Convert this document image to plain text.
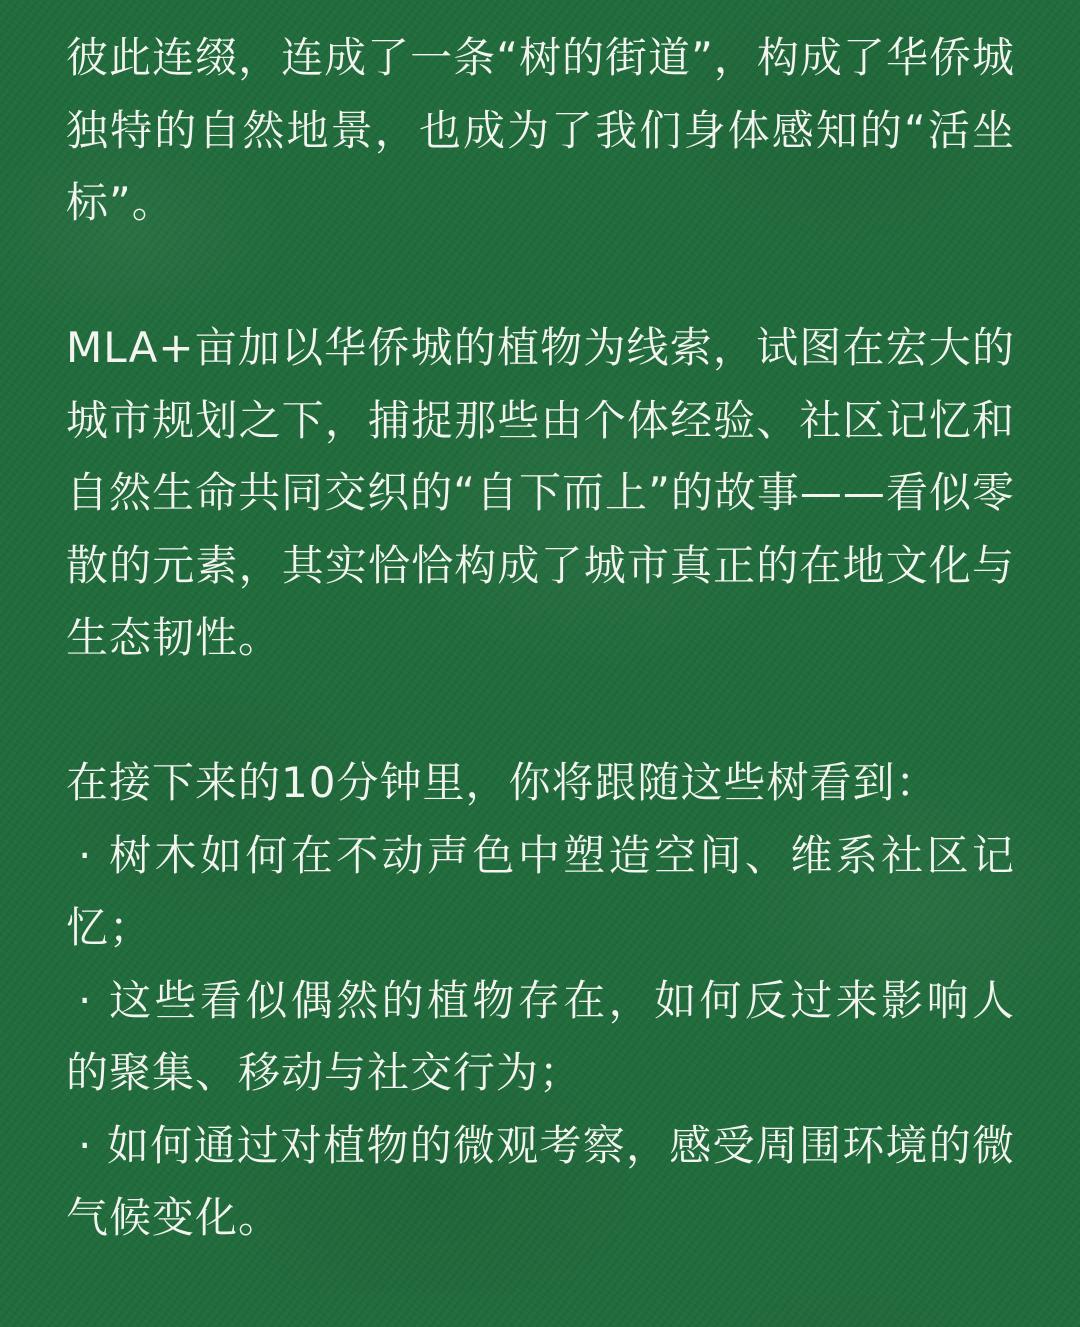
彼此连缀，连成了一条“树的街道”，构成了华侨城
独特的自然地景，也成为了我们身体感知的“活坐
标”。
MLA+亩加以华侨城的植物为线索，试图在宏大的
城市规划之下，捕捉那些由个体经验、社区记忆和
自然生命共同交织的“自下而上”的故事——看似零
散的元素，其实恰恰构成了城市真正的在地文化与
生态韧性。
在接下来的10分钟里，你将跟随这些树看到：
· 树木如何在不动声色中塑造空间、维系社区记
忆；
· 这些看似偶然的植物存在，如何反过来影响人
的聚集、移动与社交行为；
· 如何通过对植物的微观考察，感受周围环境的微
气候变化。
